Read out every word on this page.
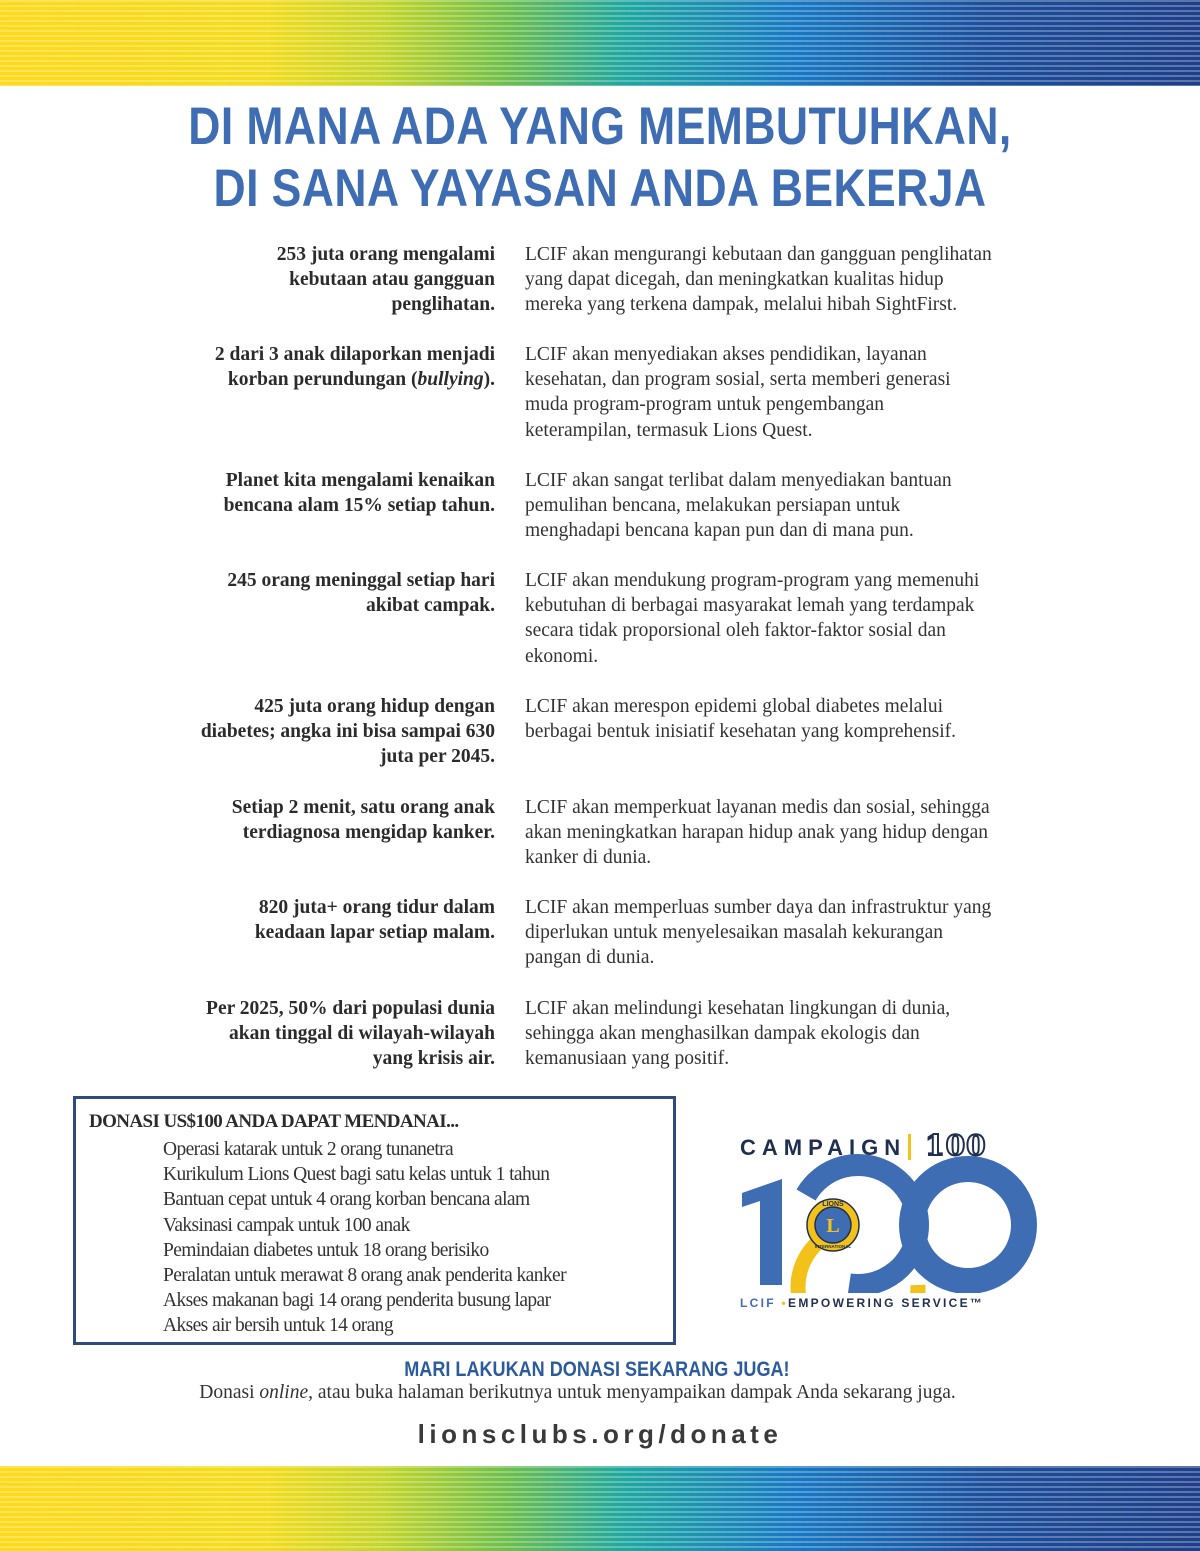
DI MANA ADA YANG MEMBUTUHKAN,
DI SANA YAYASAN ANDA BEKERJA
253 juta orang mengalami
kebutaan atau gangguan
penglihatan.
LCIF akan mengurangi kebutaan dan gangguan penglihatan
yang dapat dicegah, dan meningkatkan kualitas hidup
mereka yang terkena dampak, melalui hibah SightFirst.
2 dari 3 anak dilaporkan menjadi
korban perundungan (bullying).
LCIF akan menyediakan akses pendidikan, layanan
kesehatan, dan program sosial, serta memberi generasi
muda program-program untuk pengembangan
keterampilan, termasuk Lions Quest.
Planet kita mengalami kenaikan
bencana alam 15% setiap tahun.
LCIF akan sangat terlibat dalam menyediakan bantuan
pemulihan bencana, melakukan persiapan untuk
menghadapi bencana kapan pun dan di mana pun.
245 orang meninggal setiap hari
akibat campak.
LCIF akan mendukung program-program yang memenuhi
kebutuhan di berbagai masyarakat lemah yang terdampak
secara tidak proporsional oleh faktor-faktor sosial dan
ekonomi.
425 juta orang hidup dengan
diabetes; angka ini bisa sampai 630
juta per 2045.
LCIF akan merespon epidemi global diabetes melalui
berbagai bentuk inisiatif kesehatan yang komprehensif.
Setiap 2 menit, satu orang anak
terdiagnosa mengidap kanker.
LCIF akan memperkuat layanan medis dan sosial, sehingga
akan meningkatkan harapan hidup anak yang hidup dengan
kanker di dunia.
820 juta+ orang tidur dalam
keadaan lapar setiap malam.
LCIF akan memperluas sumber daya dan infrastruktur yang
diperlukan untuk menyelesaikan masalah kekurangan
pangan di dunia.
Per 2025, 50% dari populasi dunia
akan tinggal di wilayah-wilayah
yang krisis air.
LCIF akan melindungi kesehatan lingkungan di dunia,
sehingga akan menghasilkan dampak ekologis dan
kemanusiaan yang positif.
DONASI US$100 ANDA DAPAT MENDANAI...
Operasi katarak untuk 2 orang tunanetra
Kurikulum Lions Quest bagi satu kelas untuk 1 tahun
Bantuan cepat untuk 4 orang korban bencana alam
Vaksinasi campak untuk 100 anak
Pemindaian diabetes untuk 18 orang berisiko
Peralatan untuk merawat 8 orang anak penderita kanker
Akses makanan bagi 14 orang penderita busung lapar
Akses air bersih untuk 14 orang
CAMPAIGN 100
LIONS
INTERNATIONAL
L
LCIF •EMPOWERING SERVICE™
MARI LAKUKAN DONASI SEKARANG JUGA!
Donasi online, atau buka halaman berikutnya untuk menyampaikan dampak Anda sekarang juga.
lionsclubs.org/donate
